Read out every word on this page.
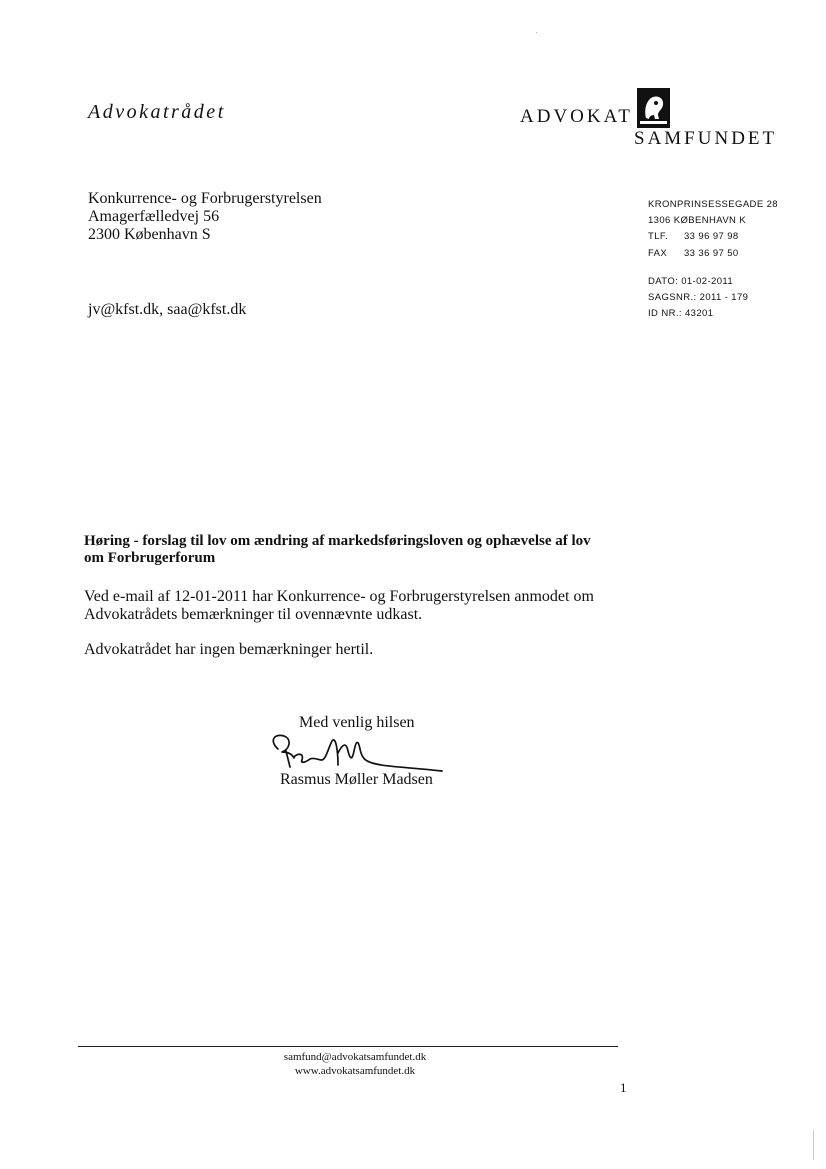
Advokatrådet	ADVOKAT
SAMFUNDET
Konkurrence- og Forbrugerstyrelsen
Amagerfælledvej 56
2300 København S
jv@kfst.dk, saa@kfst.dk
KRONPRINSESSEGADE 28
1306 KØBENHAVN K
TLF. 33 96 97 98
FAX 33 36 97 50
DATO: 01-02-2011
SAGSNR.: 2011 - 179
ID NR.: 43201
Høring - forslag til lov om ændring af markedsføringsloven og ophævelse af lov
om Forbrugerforum
Ved e-mail af 12-01-2011 har Konkurrence- og Forbrugerstyrelsen anmodet om
Advokatrådets bemærkninger til ovennævnte udkast.
Advokatrådet har ingen bemærkninger hertil.
Med venlig hilsen
Rasmus Møller Madsen
samfund@advokatsamfundet.dk
www.advokatsamfundet.dk
1
